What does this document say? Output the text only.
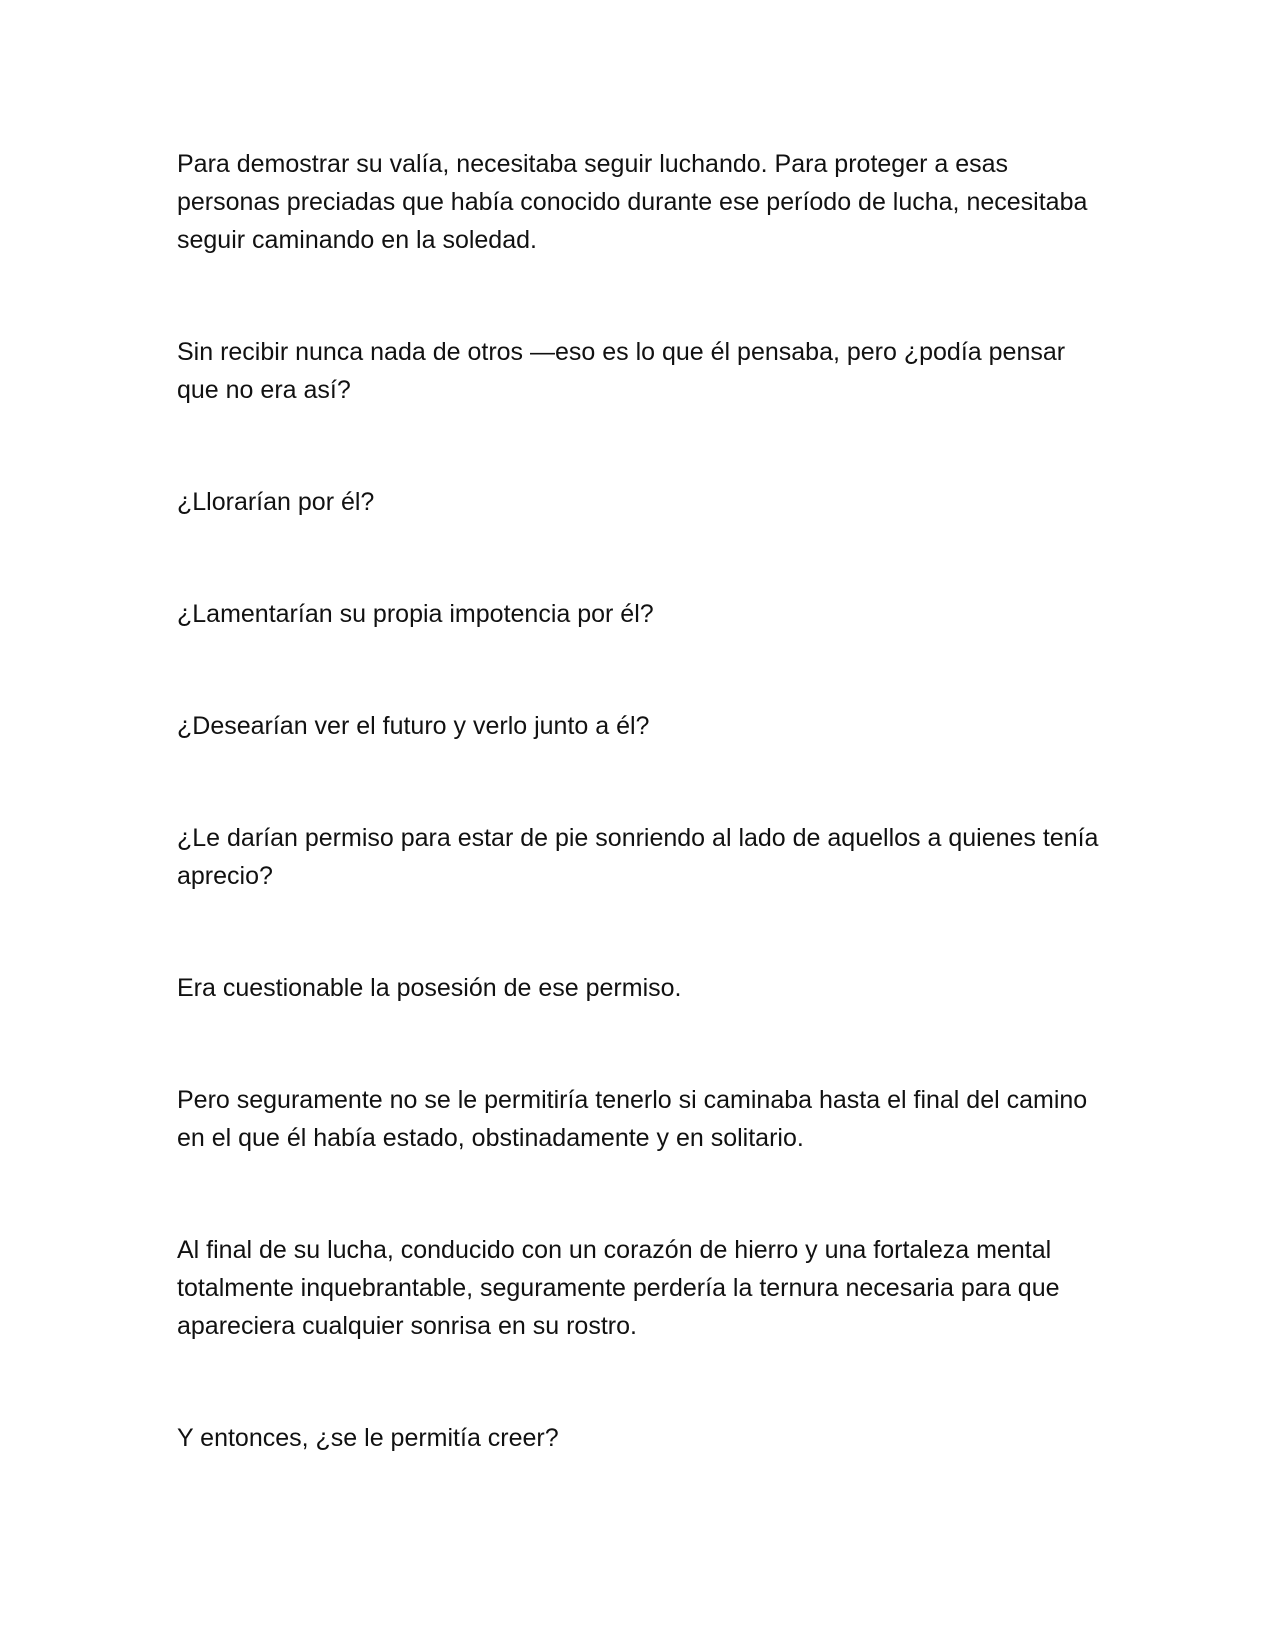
Para demostrar su valía, necesitaba seguir luchando. Para proteger a esas personas preciadas que había conocido durante ese período de lucha, necesitaba seguir caminando en la soledad.

Sin recibir nunca nada de otros —eso es lo que él pensaba, pero ¿podía pensar que no era así?

¿Llorarían por él?

¿Lamentarían su propia impotencia por él?

¿Desearían ver el futuro y verlo junto a él?

¿Le darían permiso para estar de pie sonriendo al lado de aquellos a quienes tenía aprecio?

Era cuestionable la posesión de ese permiso.

Pero seguramente no se le permitiría tenerlo si caminaba hasta el final del camino en el que él había estado, obstinadamente y en solitario.

Al final de su lucha, conducido con un corazón de hierro y una fortaleza mental totalmente inquebrantable, seguramente perdería la ternura necesaria para que apareciera cualquier sonrisa en su rostro.

Y entonces, ¿se le permitía creer?
